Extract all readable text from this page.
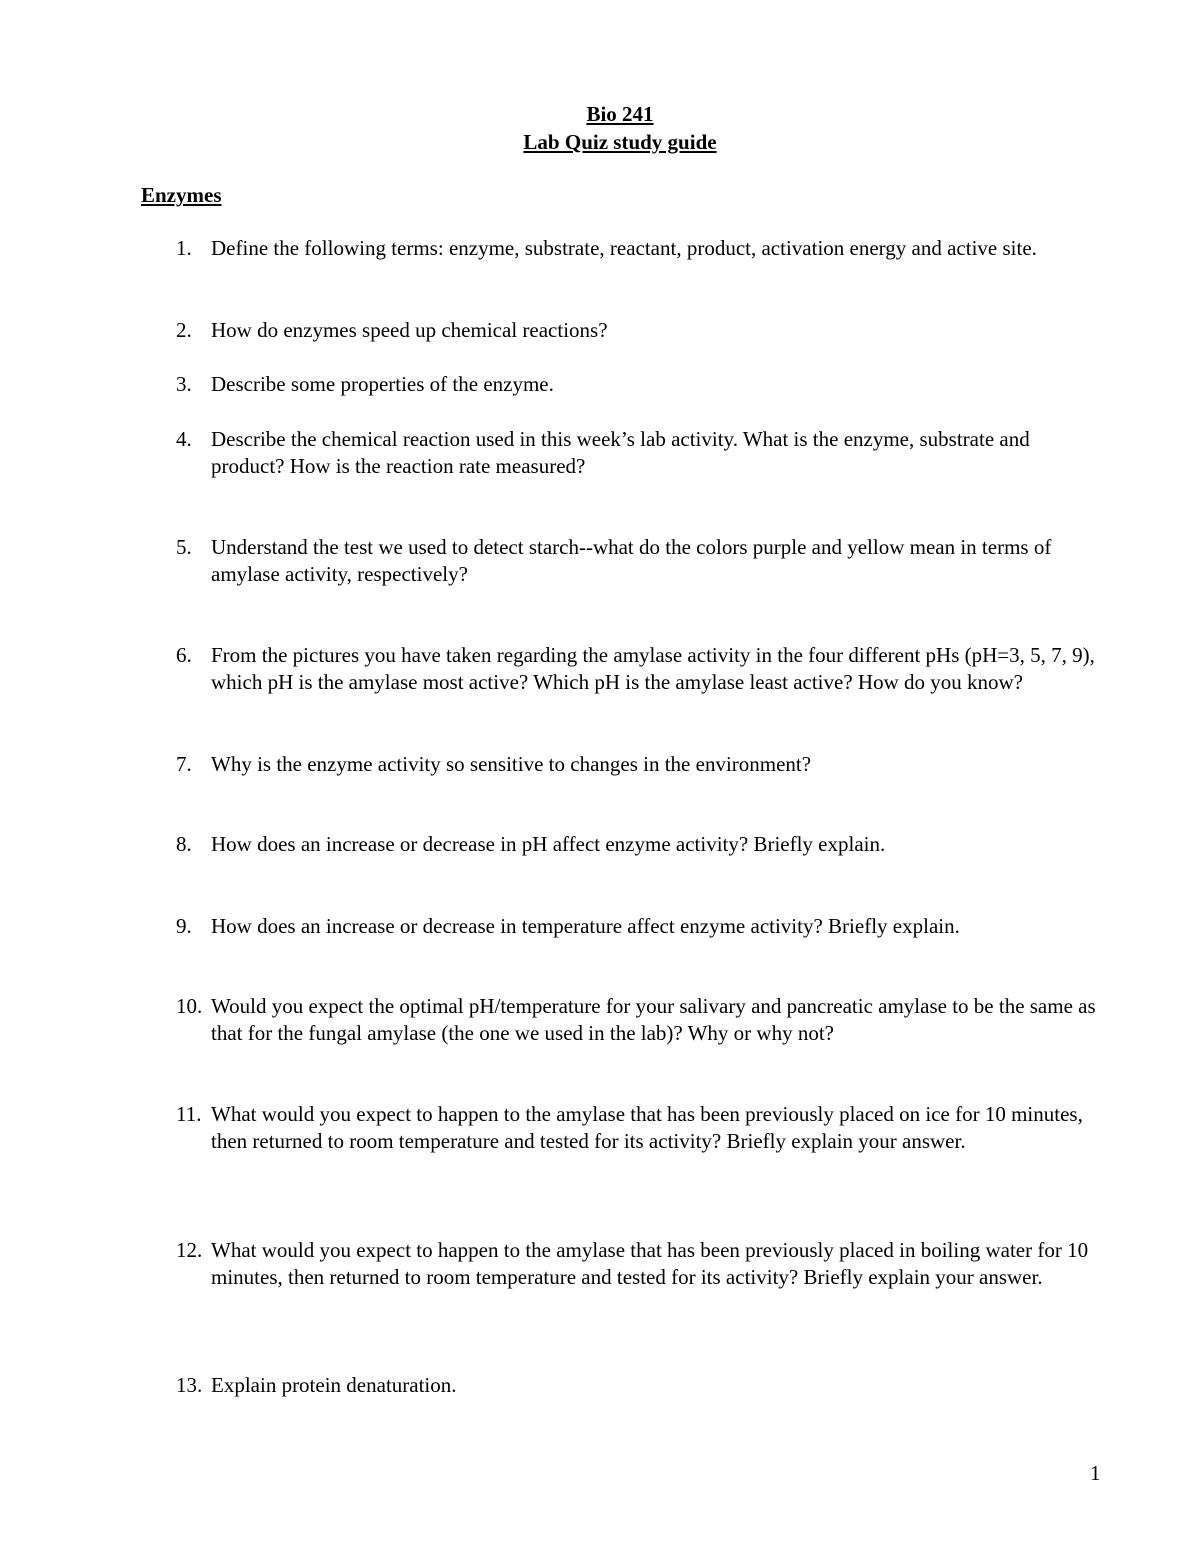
Bio 241
Lab Quiz study guide
Enzymes
1. Define the following terms: enzyme, substrate, reactant, product, activation energy and active site.
2. How do enzymes speed up chemical reactions?
3. Describe some properties of the enzyme.
4. Describe the chemical reaction used in this week’s lab activity. What is the enzyme, substrate and product? How is the reaction rate measured?
5. Understand the test we used to detect starch--what do the colors purple and yellow mean in terms of amylase activity, respectively?
6. From the pictures you have taken regarding the amylase activity in the four different pHs (pH=3, 5, 7, 9), which pH is the amylase most active? Which pH is the amylase least active? How do you know?
7. Why is the enzyme activity so sensitive to changes in the environment?
8. How does an increase or decrease in pH affect enzyme activity? Briefly explain.
9. How does an increase or decrease in temperature affect enzyme activity? Briefly explain.
10. Would you expect the optimal pH/temperature for your salivary and pancreatic amylase to be the same as that for the fungal amylase (the one we used in the lab)? Why or why not?
11. What would you expect to happen to the amylase that has been previously placed on ice for 10 minutes, then returned to room temperature and tested for its activity? Briefly explain your answer.
12. What would you expect to happen to the amylase that has been previously placed in boiling water for 10 minutes, then returned to room temperature and tested for its activity? Briefly explain your answer.
13. Explain protein denaturation.
1
